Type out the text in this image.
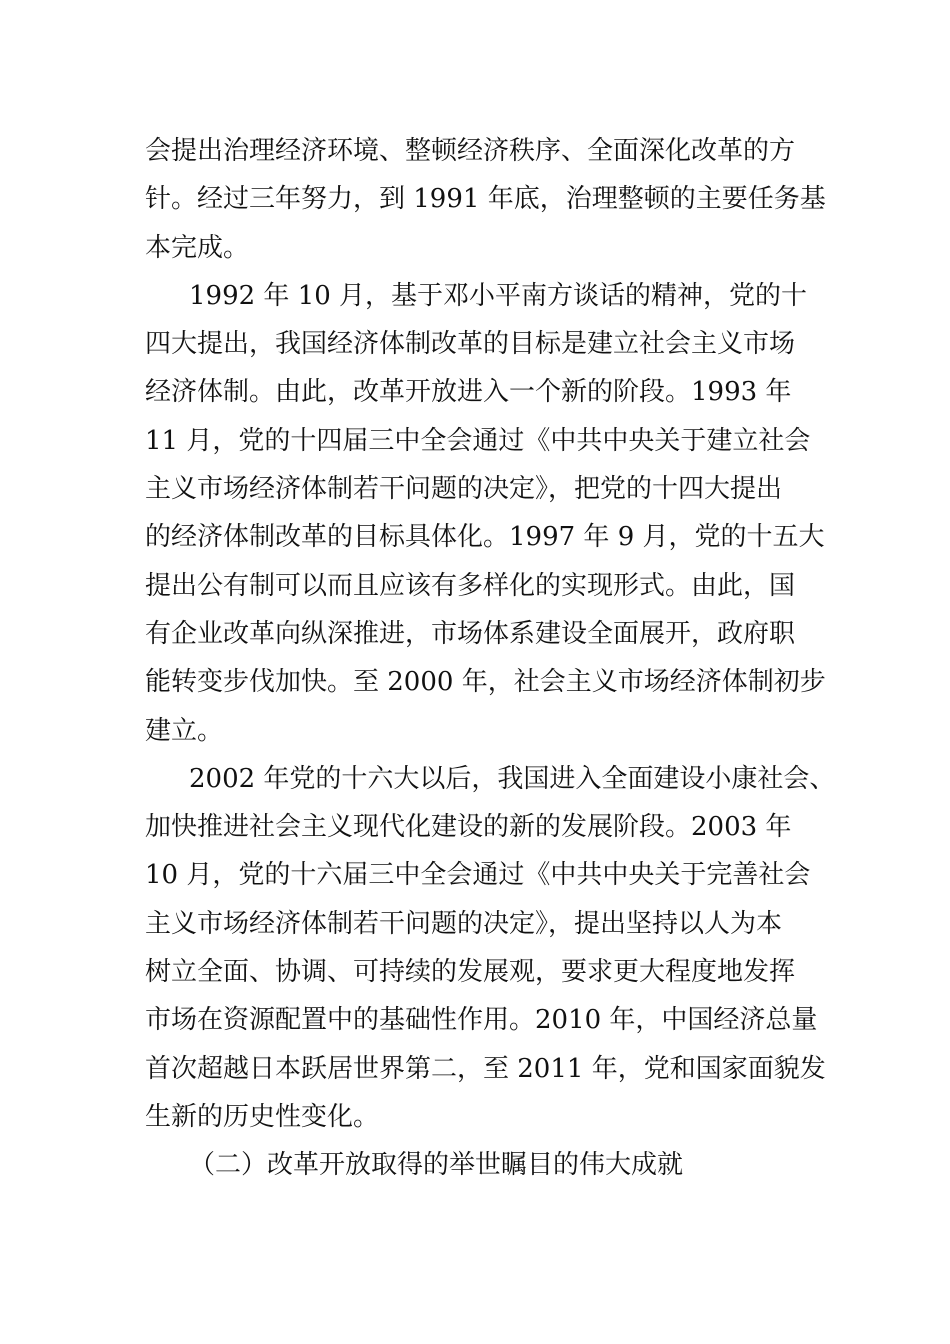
会提出治理经济环境、整顿经济秩序、全面深化改革的方
针。经过三年努力，到 1991 年底，治理整顿的主要任务基
本完成。
1992 年 10 月，基于邓小平南方谈话的精神，党的十
四大提出，我国经济体制改革的目标是建立社会主义市场
经济体制。由此，改革开放进入一个新的阶段。1993 年
11 月，党的十四届三中全会通过《中共中央关于建立社会
主义市场经济体制若干问题的决定》，把党的十四大提出
的经济体制改革的目标具体化。1997 年 9 月，党的十五大
提出公有制可以而且应该有多样化的实现形式。由此，国
有企业改革向纵深推进，市场体系建设全面展开，政府职
能转变步伐加快。至 2000 年，社会主义市场经济体制初步
建立。
2002 年党的十六大以后，我国进入全面建设小康社会、
加快推进社会主义现代化建设的新的发展阶段。2003 年
10 月，党的十六届三中全会通过《中共中央关于完善社会
主义市场经济体制若干问题的决定》，提出坚持以人为本
树立全面、协调、可持续的发展观，要求更大程度地发挥
市场在资源配置中的基础性作用。2010 年，中国经济总量
首次超越日本跃居世界第二，至 2011 年，党和国家面貌发
生新的历史性变化。
（二）改革开放取得的举世瞩目的伟大成就
